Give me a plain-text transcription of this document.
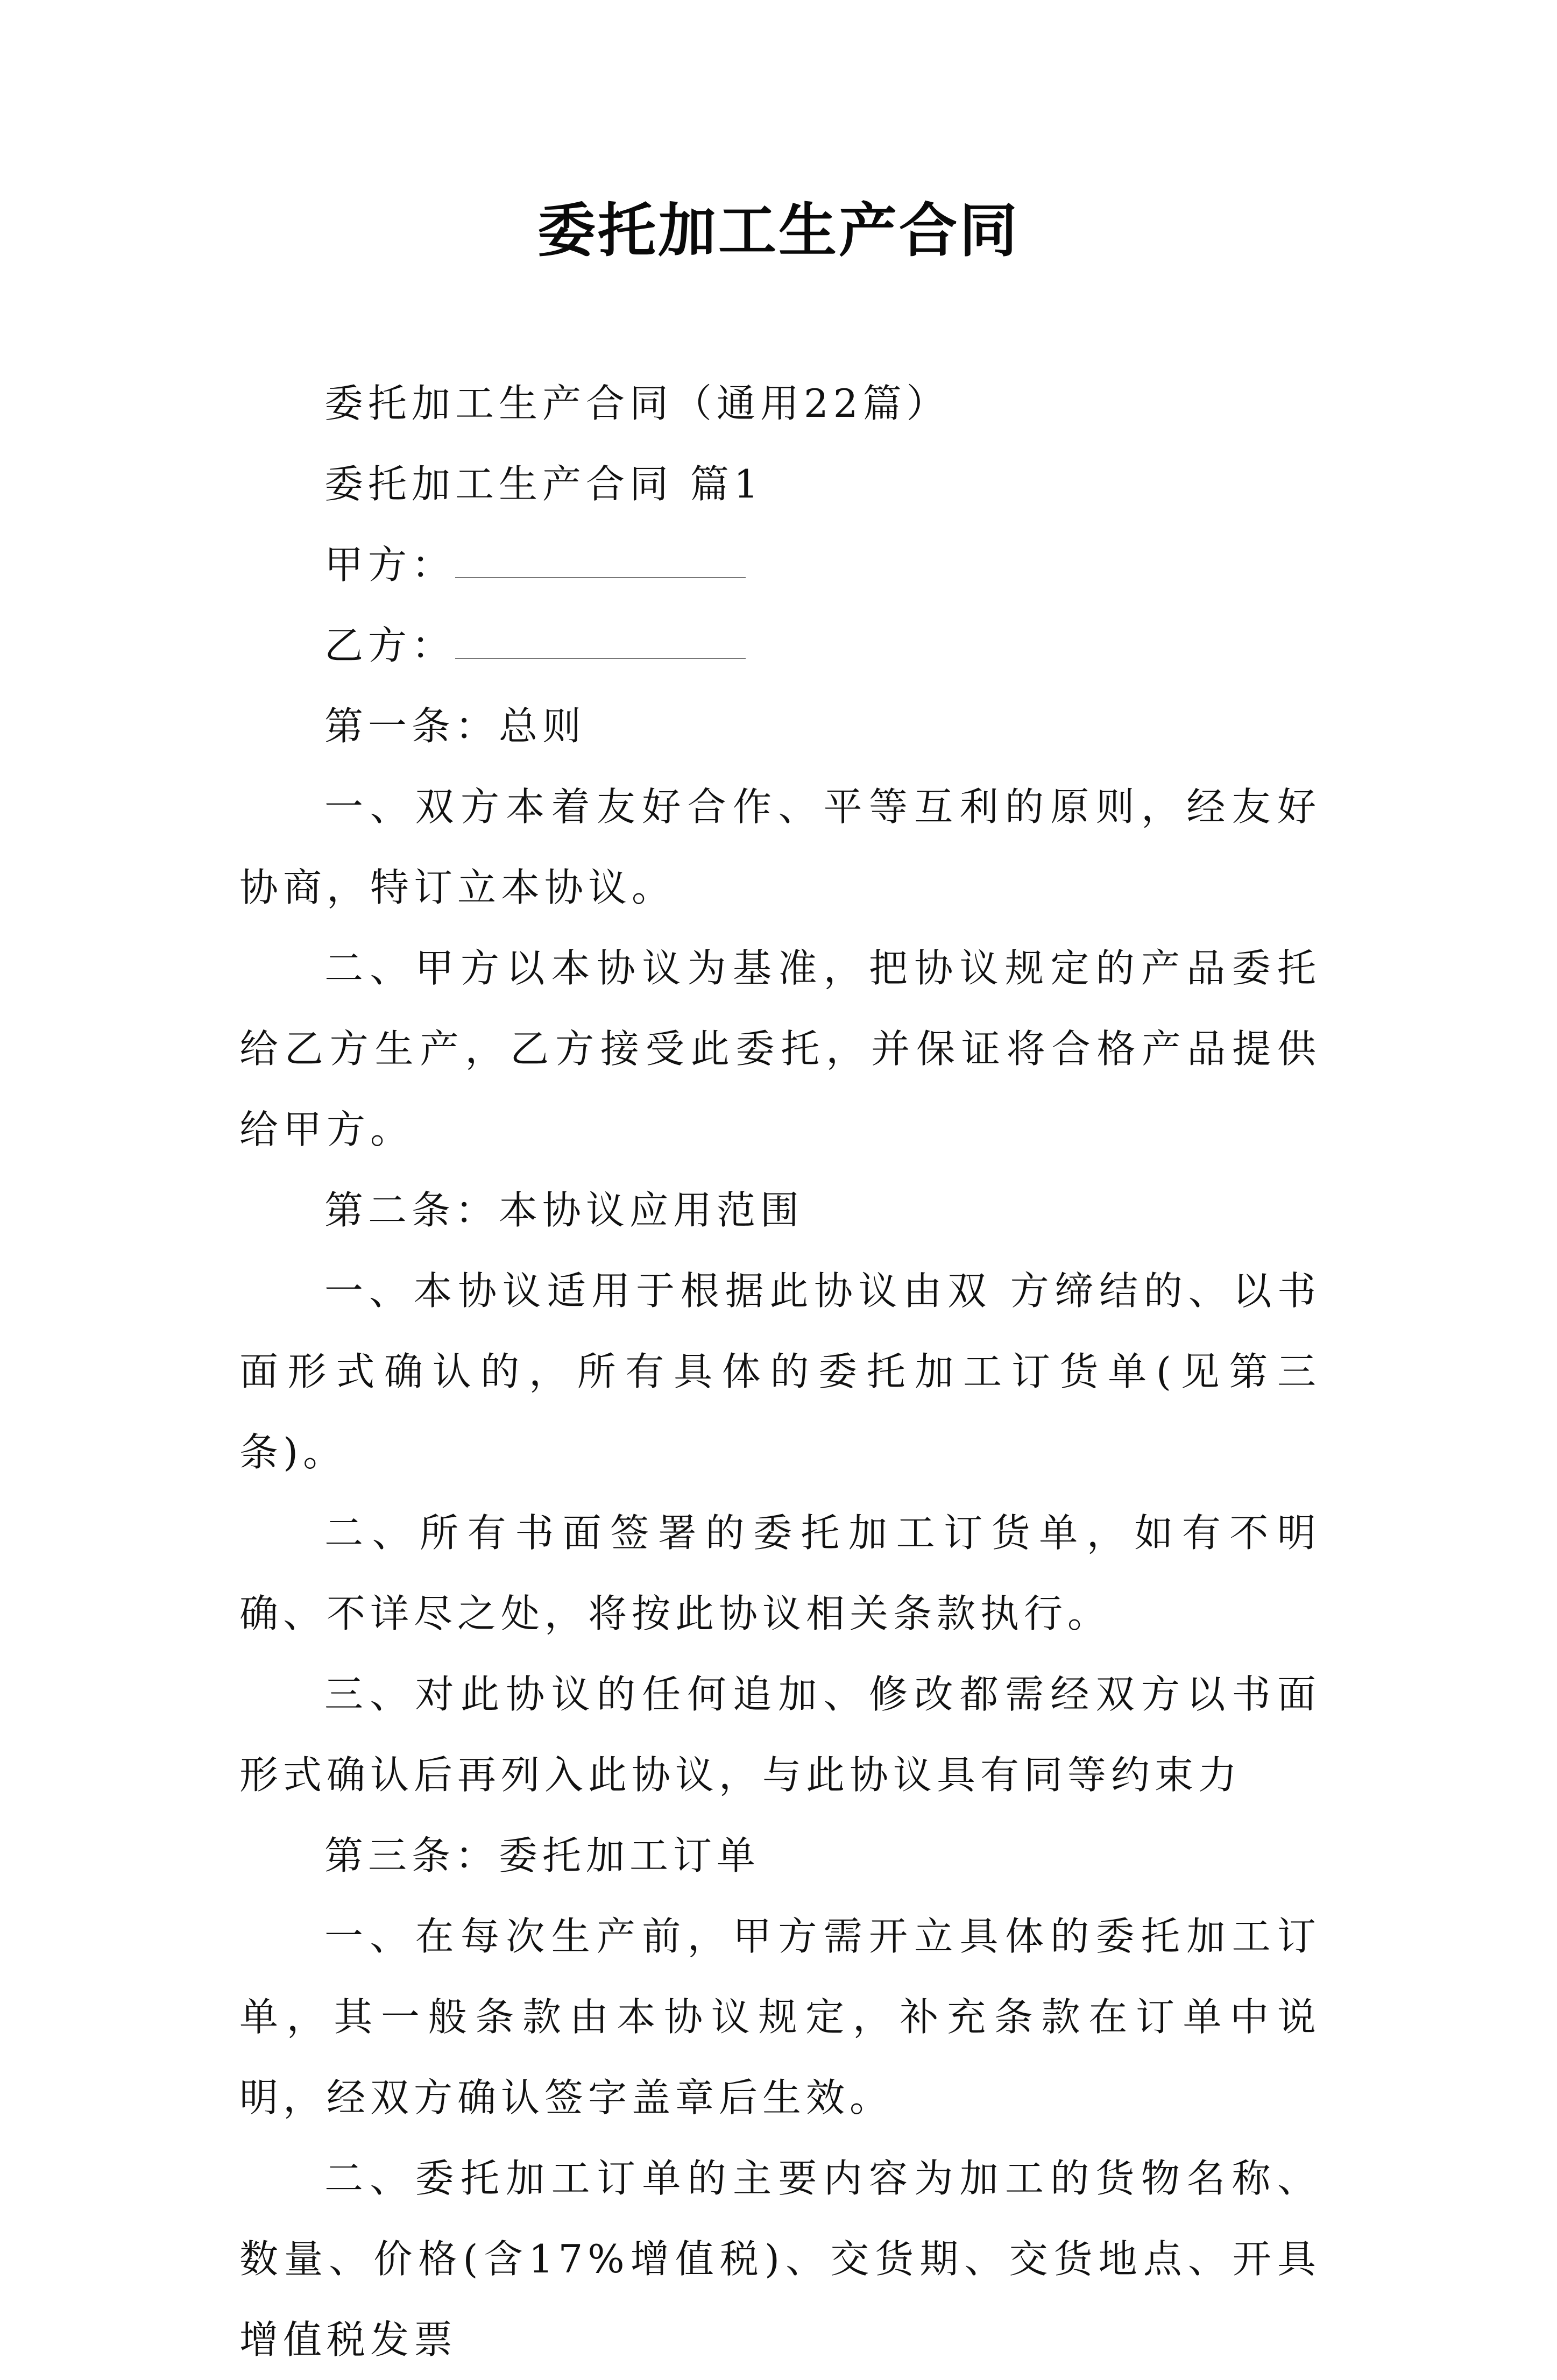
委托加工生产合同

委托加工生产合同（通用22篇）

委托加工生产合同 篇1

甲方：

乙方：

第一条：总则

一、双方本着友好合作、平等互利的原则，经友好协商，特订立本协议。

二、甲方以本协议为基准，把协议规定的产品委托给乙方生产，乙方接受此委托，并保证将合格产品提供给甲方。

第二条：本协议应用范围

一、本协议适用于根据此协议由双 方缔结的、以书面形式确认的，所有具体的委托加工订货单(见第三条)。

二、所有书面签署的委托加工订货单，如有不明确、不详尽之处，将按此协议相关条款执行。

三、对此协议的任何追加、修改都需经双方以书面形式确认后再列入此协议，与此协议具有同等约束力

第三条：委托加工订单

一、在每次生产前，甲方需开立具体的委托加工订单，其一般条款由本协议规定，补充条款在订单中说明，经双方确认签字盖章后生效。

二、委托加工订单的主要内容为加工的货物名称、数量、价格(含17%增值税)、交货期、交货地点、开具增值税发票
